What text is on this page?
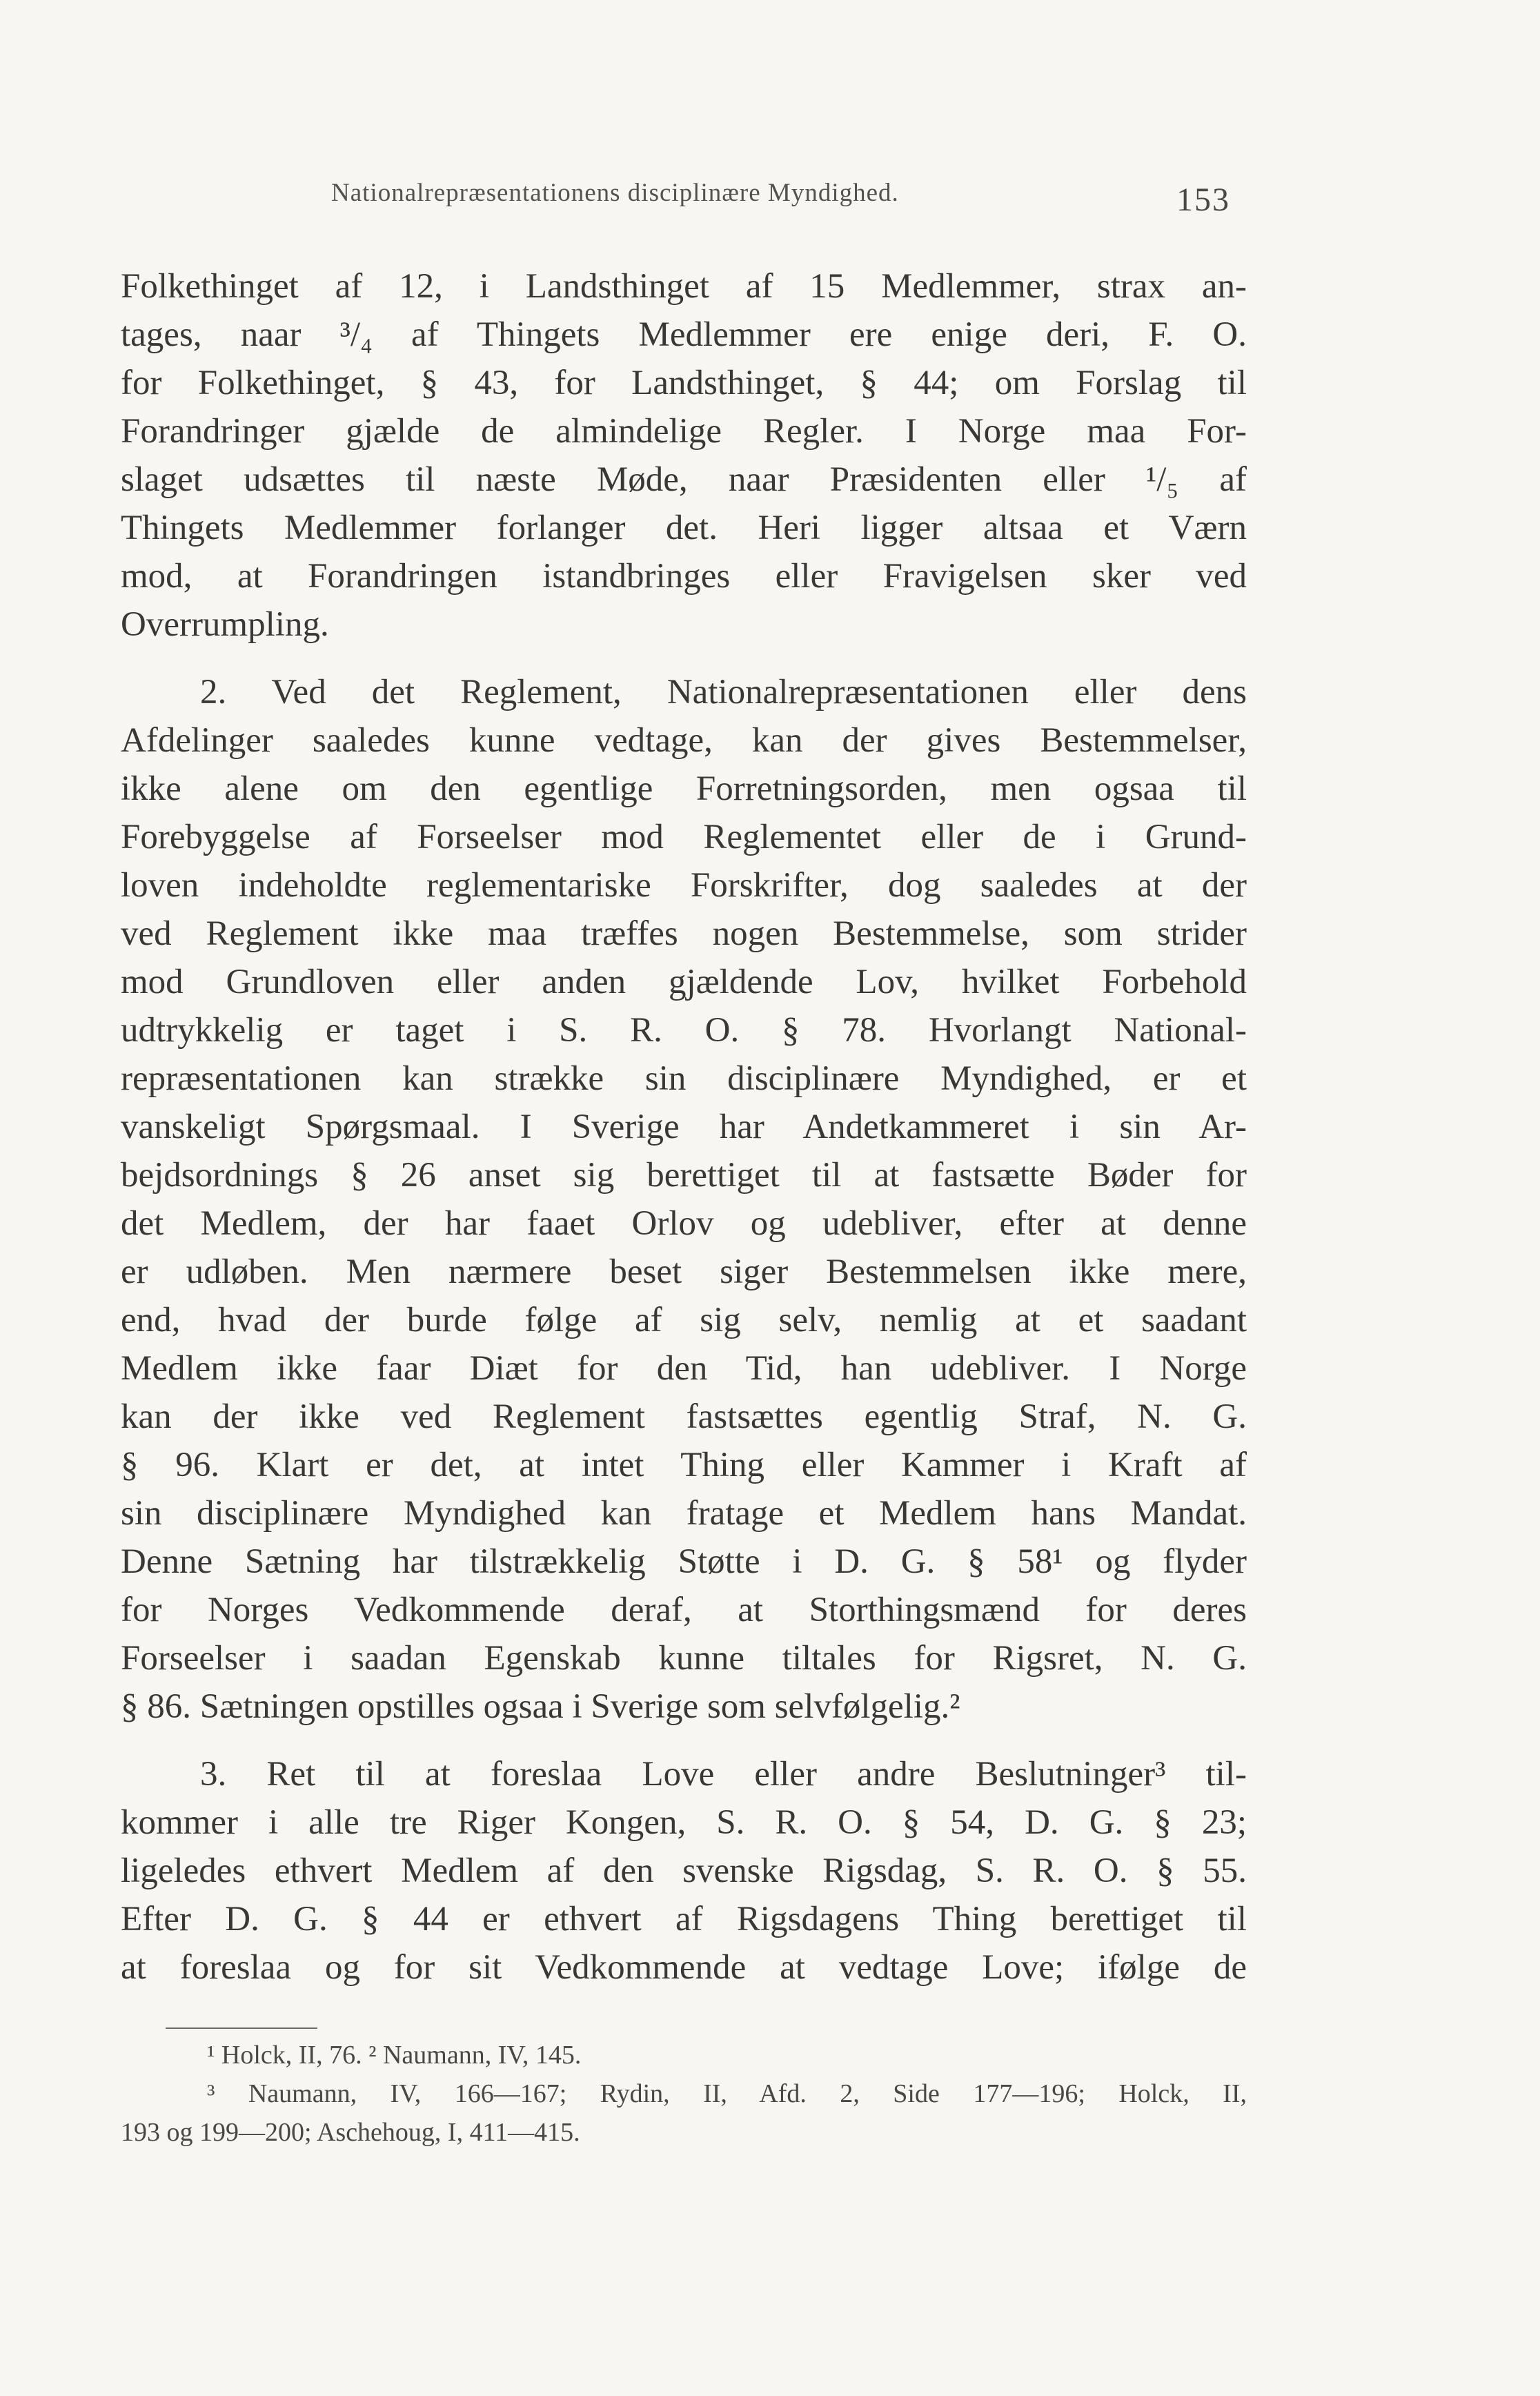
Nationalrepræsentationens disciplinære Myndighed.	153
Folkethinget af 12, i Landsthinget af 15 Medlemmer, strax an-
tages, naar ³/₄ af Thingets Medlemmer ere enige deri, F. O.
for Folkethinget, § 43, for Landsthinget, § 44; om Forslag til
Forandringer gjælde de almindelige Regler. I Norge maa For-
slaget udsættes til næste Møde, naar Præsidenten eller ¹/₅ af
Thingets Medlemmer forlanger det. Heri ligger altsaa et Værn
mod, at Forandringen istandbringes eller Fravigelsen sker ved
Overrumpling.
2. Ved det Reglement, Nationalrepræsentationen eller dens
Afdelinger saaledes kunne vedtage, kan der gives Bestemmelser,
ikke alene om den egentlige Forretningsorden, men ogsaa til
Forebyggelse af Forseelser mod Reglementet eller de i Grund-
loven indeholdte reglementariske Forskrifter, dog saaledes at der
ved Reglement ikke maa træffes nogen Bestemmelse, som strider
mod Grundloven eller anden gjældende Lov, hvilket Forbehold
udtrykkelig er taget i S. R. O. § 78. Hvorlangt National-
repræsentationen kan strække sin disciplinære Myndighed, er et
vanskeligt Spørgsmaal. I Sverige har Andetkammeret i sin Ar-
bejdsordnings § 26 anset sig berettiget til at fastsætte Bøder for
det Medlem, der har faaet Orlov og udebliver, efter at denne
er udløben. Men nærmere beset siger Bestemmelsen ikke mere,
end, hvad der burde følge af sig selv, nemlig at et saadant
Medlem ikke faar Diæt for den Tid, han udebliver. I Norge
kan der ikke ved Reglement fastsættes egentlig Straf, N. G.
§ 96. Klart er det, at intet Thing eller Kammer i Kraft af
sin disciplinære Myndighed kan fratage et Medlem hans Mandat.
Denne Sætning har tilstrækkelig Støtte i D. G. § 58¹ og flyder
for Norges Vedkommende deraf, at Storthingsmænd for deres
Forseelser i saadan Egenskab kunne tiltales for Rigsret, N. G.
§ 86. Sætningen opstilles ogsaa i Sverige som selvfølgelig.²
3. Ret til at foreslaa Love eller andre Beslutninger³ til-
kommer i alle tre Riger Kongen, S. R. O. § 54, D. G. § 23;
ligeledes ethvert Medlem af den svenske Rigsdag, S. R. O. § 55.
Efter D. G. § 44 er ethvert af Rigsdagens Thing berettiget til
at foreslaa og for sit Vedkommende at vedtage Love; ifølge de
¹ Holck, II, 76. ² Naumann, IV, 145.
³ Naumann, IV, 166—167; Rydin, II, Afd. 2, Side 177—196; Holck, II,
193 og 199—200; Aschehoug, I, 411—415.
